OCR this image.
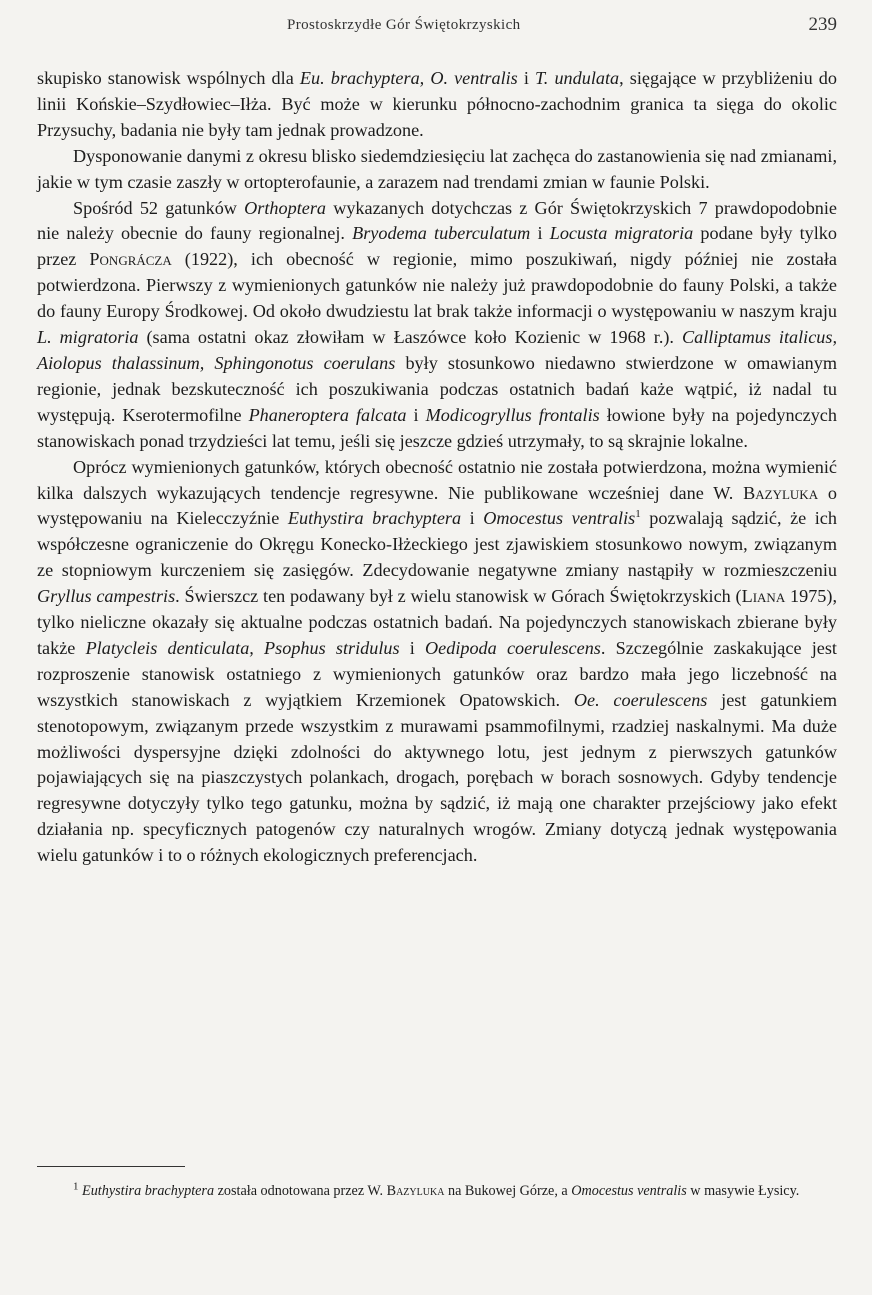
Prostoskrzydłe Gór Świętokrzyskich	239

skupisko stanowisk wspólnych dla Eu. brachyptera, O. ventralis i T. undulata, sięgające w przybliżeniu do linii Końskie–Szydłowiec–Iłża. Być może w kierunku północno-zachodnim granica ta sięga do okolic Przysuchy, badania nie były tam jednak prowadzone.

Dysponowanie danymi z okresu blisko siedemdziesięciu lat zachęca do zastanowienia się nad zmianami, jakie w tym czasie zaszły w ortopterofaunie, a zarazem nad trendami zmian w faunie Polski.

Spośród 52 gatunków Orthoptera wykazanych dotychczas z Gór Świętokrzyskich 7 prawdopodobnie nie należy obecnie do fauny regionalnej. Bryodema tuberculatum i Locusta migratoria podane były tylko przez Pongrácza (1922), ich obecność w regionie, mimo poszukiwań, nigdy później nie została potwierdzona. Pierwszy z wymienionych gatunków nie należy już prawdopodobnie do fauny Polski, a także do fauny Europy Środkowej. Od około dwudziestu lat brak także informacji o występowaniu w naszym kraju L. migratoria (sama ostatni okaz złowiłam w Łaszówce koło Kozienic w 1968 r.). Calliptamus italicus, Aiolopus thalassinum, Sphingonotus coerulans były stosunkowo niedawno stwierdzone w omawianym regionie, jednak bezskuteczność ich poszukiwania podczas ostatnich badań każe wątpić, iż nadal tu występują. Kserotermofilne Phaneroptera falcata i Modicogryllus frontalis łowione były na pojedynczych stanowiskach ponad trzydzieści lat temu, jeśli się jeszcze gdzieś utrzymały, to są skrajnie lokalne.

Oprócz wymienionych gatunków, których obecność ostatnio nie została potwierdzona, można wymienić kilka dalszych wykazujących tendencje regresywne. Nie publikowane wcześniej dane W. Bazyluka o występowaniu na Kielecczyźnie Euthystira brachyptera i Omocestus ventralis$^1$ pozwalają sądzić, że ich współczesne ograniczenie do Okręgu Konecko-Iłżeckiego jest zjawiskiem stosunkowo nowym, związanym ze stopniowym kurczeniem się zasięgów. Zdecydowanie negatywne zmiany nastąpiły w rozmieszczeniu Gryllus campestris. Świerszcz ten podawany był z wielu stanowisk w Górach Świętokrzyskich (Liana 1975), tylko nieliczne okazały się aktualne podczas ostatnich badań. Na pojedynczych stanowiskach zbierane były także Platycleis denticulata, Psophus stridulus i Oedipoda coerulescens. Szczególnie zaskakujące jest rozproszenie stanowisk ostatniego z wymienionych gatunków oraz bardzo mała jego liczebność na wszystkich stanowiskach z wyjątkiem Krzemionek Opatowskich. Oe. coerulescens jest gatunkiem stenotopowym, związanym przede wszystkim z murawami psammofilnymi, rzadziej naskalnymi. Ma duże możliwości dyspersyjne dzięki zdolności do aktywnego lotu, jest jednym z pierwszych gatunków pojawiających się na piaszczystych polankach, drogach, porębach w borach sosnowych. Gdyby tendencje regresywne dotyczyły tylko tego gatunku, można by sądzić, iż mają one charakter przejściowy jako efekt działania np. specyficznych patogenów czy naturalnych wrogów. Zmiany dotyczą jednak występowania wielu gatunków i to o różnych ekologicznych preferencjach.

$^1$ Euthystira brachyptera została odnotowana przez W. Bazyluka na Bukowej Górze, a Omocestus ventralis w masywie Łysicy.
